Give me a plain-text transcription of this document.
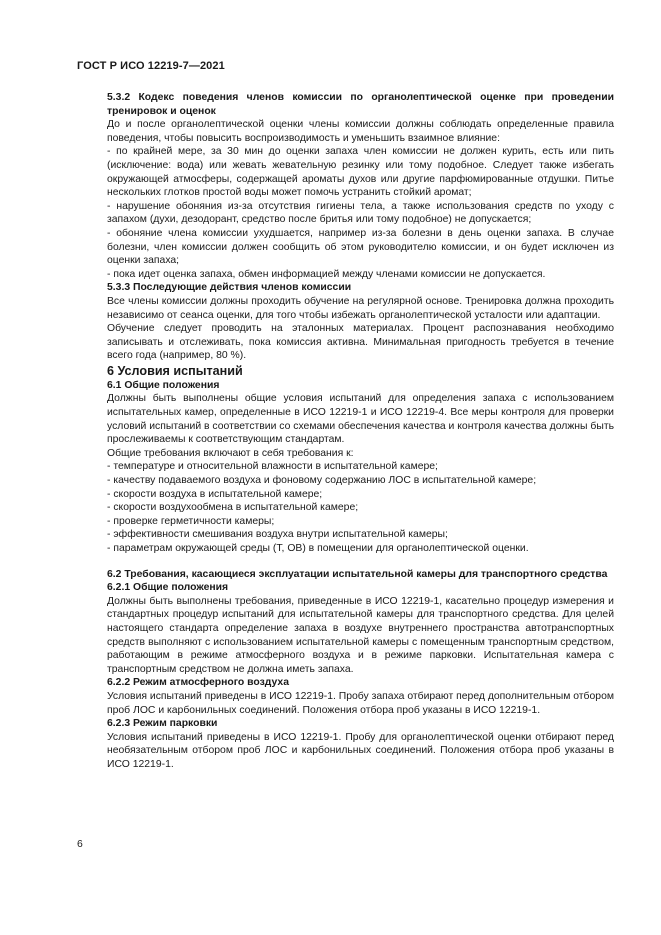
ГОСТ Р ИСО 12219-7—2021

5.3.2 Кодекс поведения членов комиссии по органолептической оценке при проведении тренировок и оценок

До и после органолептической оценки члены комиссии должны соблюдать определенные правила поведения, чтобы повысить воспроизводимость и уменьшить взаимное влияние:

- по крайней мере, за 30 мин до оценки запаха член комиссии не должен курить, есть или пить (исключение: вода) или жевать жевательную резинку или тому подобное. Следует также избегать окружающей атмосферы, содержащей ароматы духов или другие парфюмированные отдушки. Питье нескольких глотков простой воды может помочь устранить стойкий аромат;

- нарушение обоняния из-за отсутствия гигиены тела, а также использования средств по уходу с запахом (духи, дезодорант, средство после бритья или тому подобное) не допускается;

- обоняние члена комиссии ухудшается, например из-за болезни в день оценки запаха. В случае болезни, член комиссии должен сообщить об этом руководителю комиссии, и он будет исключен из оценки запаха;

- пока идет оценка запаха, обмен информацией между членами комиссии не допускается.

5.3.3 Последующие действия членов комиссии

Все члены комиссии должны проходить обучение на регулярной основе. Тренировка должна проходить независимо от сеанса оценки, для того чтобы избежать органолептической усталости или адаптации.

Обучение следует проводить на эталонных материалах. Процент распознавания необходимо записывать и отслеживать, пока комиссия активна. Минимальная пригодность требуется в течение всего года (например, 80 %).

6 Условия испытаний

6.1 Общие положения

Должны быть выполнены общие условия испытаний для определения запаха с использованием испытательных камер, определенные в ИСО 12219-1 и ИСО 12219-4. Все меры контроля для проверки условий испытаний в соответствии со схемами обеспечения качества и контроля качества должны быть прослеживаемы к соответствующим стандартам.

Общие требования включают в себя требования к:

- температуре и относительной влажности в испытательной камере;

- качеству подаваемого воздуха и фоновому содержанию ЛОС в испытательной камере;

- скорости воздуха в испытательной камере;

- скорости воздухообмена в испытательной камере;

- проверке герметичности камеры;

- эффективности смешивания воздуха внутри испытательной камеры;

- параметрам окружающей среды (Т, ОВ) в помещении для органолептической оценки.

6.2 Требования, касающиеся эксплуатации испытательной камеры для транспортного средства

6.2.1 Общие положения

Должны быть выполнены требования, приведенные в ИСО 12219-1, касательно процедур измерения и стандартных процедур испытаний для испытательной камеры для транспортного средства. Для целей настоящего стандарта определение запаха в воздухе внутреннего пространства автотранспортных средств выполняют с использованием испытательной камеры с помещенным транспортным средством, работающим в режиме атмосферного воздуха и в режиме парковки. Испытательная камера с транспортным средством не должна иметь запаха.

6.2.2 Режим атмосферного воздуха

Условия испытаний приведены в ИСО 12219-1. Пробу запаха отбирают перед дополнительным отбором проб ЛОС и карбонильных соединений. Положения отбора проб указаны в ИСО 12219-1.

6.2.3 Режим парковки

Условия испытаний приведены в ИСО 12219-1. Пробу для органолептической оценки отбирают перед необязательным отбором проб ЛОС и карбонильных соединений. Положения отбора проб указаны в ИСО 12219-1.

6
